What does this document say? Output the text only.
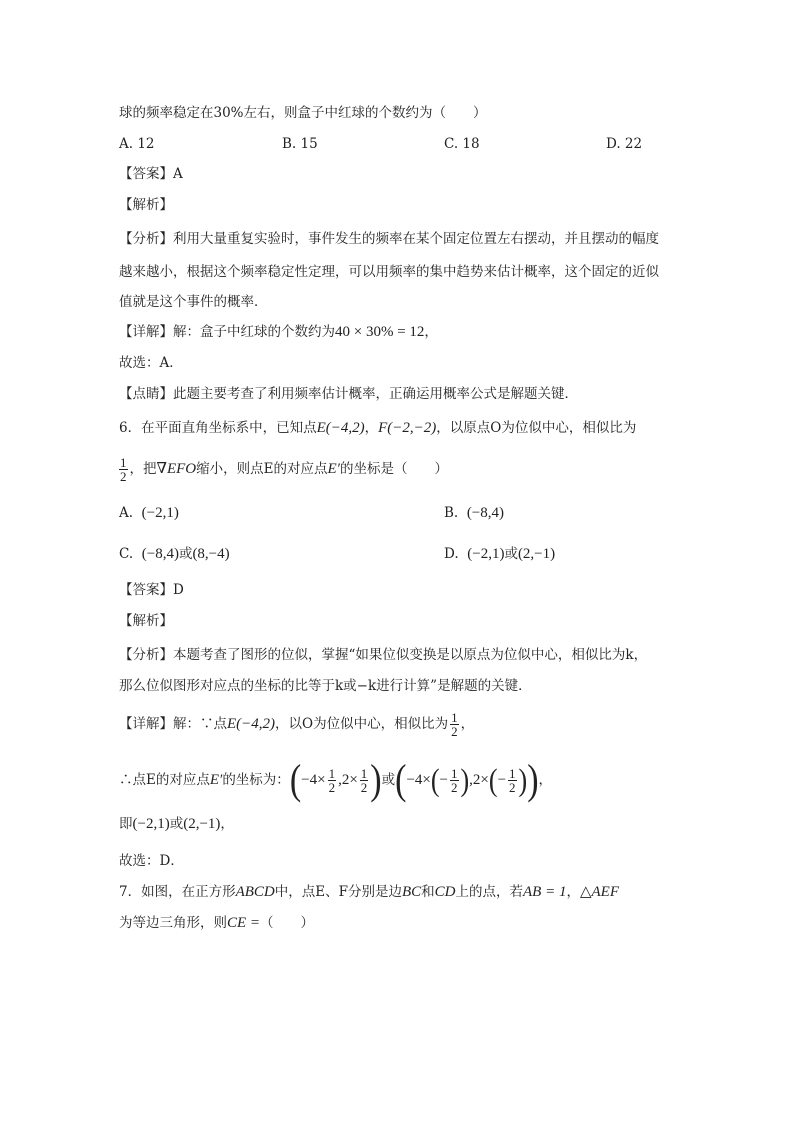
球的频率稳定在30%左右，则盒子中红球的个数约为（　　）
A. 12	B. 15	C. 18	D. 22
【答案】A
【解析】
【分析】利用大量重复实验时，事件发生的频率在某个固定位置左右摆动，并且摆动的幅度
越来越小，根据这个频率稳定性定理，可以用频率的集中趋势来估计概率，这个固定的近似
值就是这个事件的概率．
【详解】解：盒子中红球的个数约为40 × 30% = 12，
故选：A．
【点睛】此题主要考查了利用频率估计概率，正确运用概率公式是解题关键．
6．在平面直角坐标系中，已知点E(−4,2)，F(−2,−2)，以原点O为位似中心，相似比为
$\frac{1}{2}$ ，把∇EFO缩小，则点E的对应点E′的坐标是（　　）
A. (−2,1)	B. (−8,4)
C. (−8,4)或(8,−4)	D. (−2,1)或(2,−1)
【答案】D
【解析】
【分析】本题考查了图形的位似，掌握“如果位似变换是以原点为位似中心，相似比为k，
那么位似图形对应点的坐标的比等于k或−k进行计算”是解题的关键．
【详解】解：∵点E(−4,2)，以O为位似中心，相似比为 $\frac{1}{2}$ ，
∴点E的对应点E′的坐标为：($-4\times \frac{1}{2} ,2\times \frac{1}{2}$ )或($-4\times(- \frac{1}{2} ),2\times(- \frac{1}{2}$ ))，
即(−2,1)或(2,−1)，
故选：D．
7．如图，在正方形ABCD中，点E、F分别是边BC和CD上的点，若AB = 1，△AEF
为等边三角形，则CE =（　　）
